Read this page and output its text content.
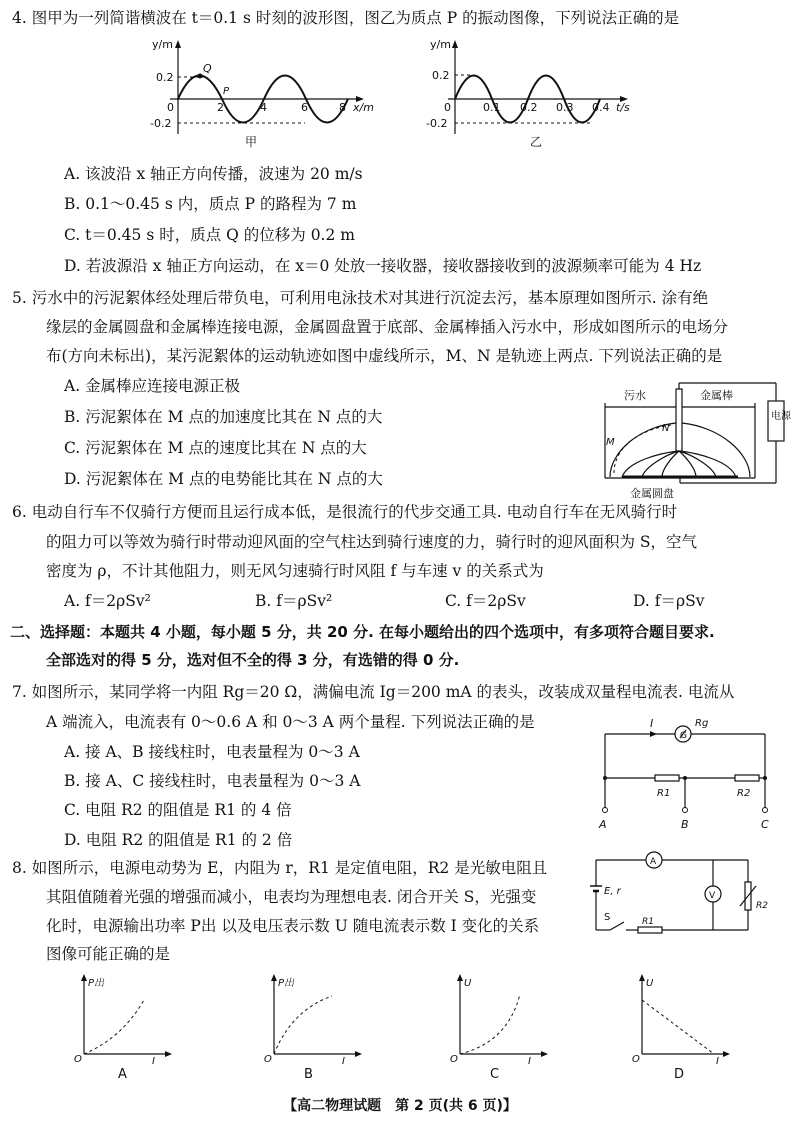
4. 图甲为一列简谐横波在 t＝0.1 s 时刻的波形图，图乙为质点 P 的振动图像，下列说法正确的是
y/m
0.2
-0.2
0
Q
P
2	4	6	8 x/m
甲
y/m
0.2
-0.2
0	0.1 0.2 0.3 0.4 t/s
乙
A. 该波沿 x 轴正方向传播，波速为 20 m/s
B. 0.1～0.45 s 内，质点 P 的路程为 7 m
C. t＝0.45 s 时，质点 Q 的位移为 0.2 m
D. 若波源沿 x 轴正方向运动，在 x＝0 处放一接收器，接收器接收到的波源频率可能为 4 Hz
5. 污水中的污泥絮体经处理后带负电，可利用电泳技术对其进行沉淀去污，基本原理如图所示. 涂有绝
缘层的金属圆盘和金属棒连接电源，金属圆盘置于底部、金属棒插入污水中，形成如图所示的电场分
布(方向未标出)，某污泥絮体的运动轨迹如图中虚线所示，M、N 是轨迹上两点. 下列说法正确的是
A. 金属棒应连接电源正极
B. 污泥絮体在 M 点的加速度比其在 N 点的大
C. 污泥絮体在 M 点的速度比其在 N 点的大
D. 污泥絮体在 M 点的电势能比其在 N 点的大
污水	金属棒
金属圆盘
电源
M
N
6. 电动自行车不仅骑行方便而且运行成本低，是很流行的代步交通工具. 电动自行车在无风骑行时
的阻力可以等效为骑行时带动迎风面的空气柱达到骑行速度的力，骑行时的迎风面积为 S，空气
密度为 ρ，不计其他阻力，则无风匀速骑行时风阻 f 与车速 v 的关系式为
A. f＝2ρSv²	B. f＝ρSv²	C. f＝2ρSv	D. f＝ρSv
二、选择题：本题共 4 小题，每小题 5 分，共 20 分. 在每小题给出的四个选项中，有多项符合题目要求.
全部选对的得 5 分，选对但不全的得 3 分，有选错的得 0 分.
7. 如图所示，某同学将一内阻 Rg＝20 Ω，满偏电流 Ig＝200 mA 的表头，改装成双量程电流表. 电流从
A 端流入，电流表有 0～0.6 A 和 0～3 A 两个量程. 下列说法正确的是
A. 接 A、B 接线柱时，电表量程为 0～3 A
B. 接 A、C 接线柱时，电表量程为 0～3 A
C. 电阻 R2 的阻值是 R1 的 4 倍
D. 电阻 R2 的阻值是 R1 的 2 倍
I
G
Rg
R1	R2
A	B	C
8. 如图所示，电源电动势为 E，内阻为 r，R1 是定值电阻，R2 是光敏电阻且
其阻值随着光强的增强而减小，电表均为理想电表. 闭合开关 S，光强变
化时，电源输出功率 P出 以及电压表示数 U 随电流表示数 I 变化的关系
图像可能正确的是
A
V
E, r
S	R1
R2
P出
O	I
A
P出
O	I
B
U
O	I
C
U
O	I
D
【高二物理试题　第 2 页(共 6 页)】
